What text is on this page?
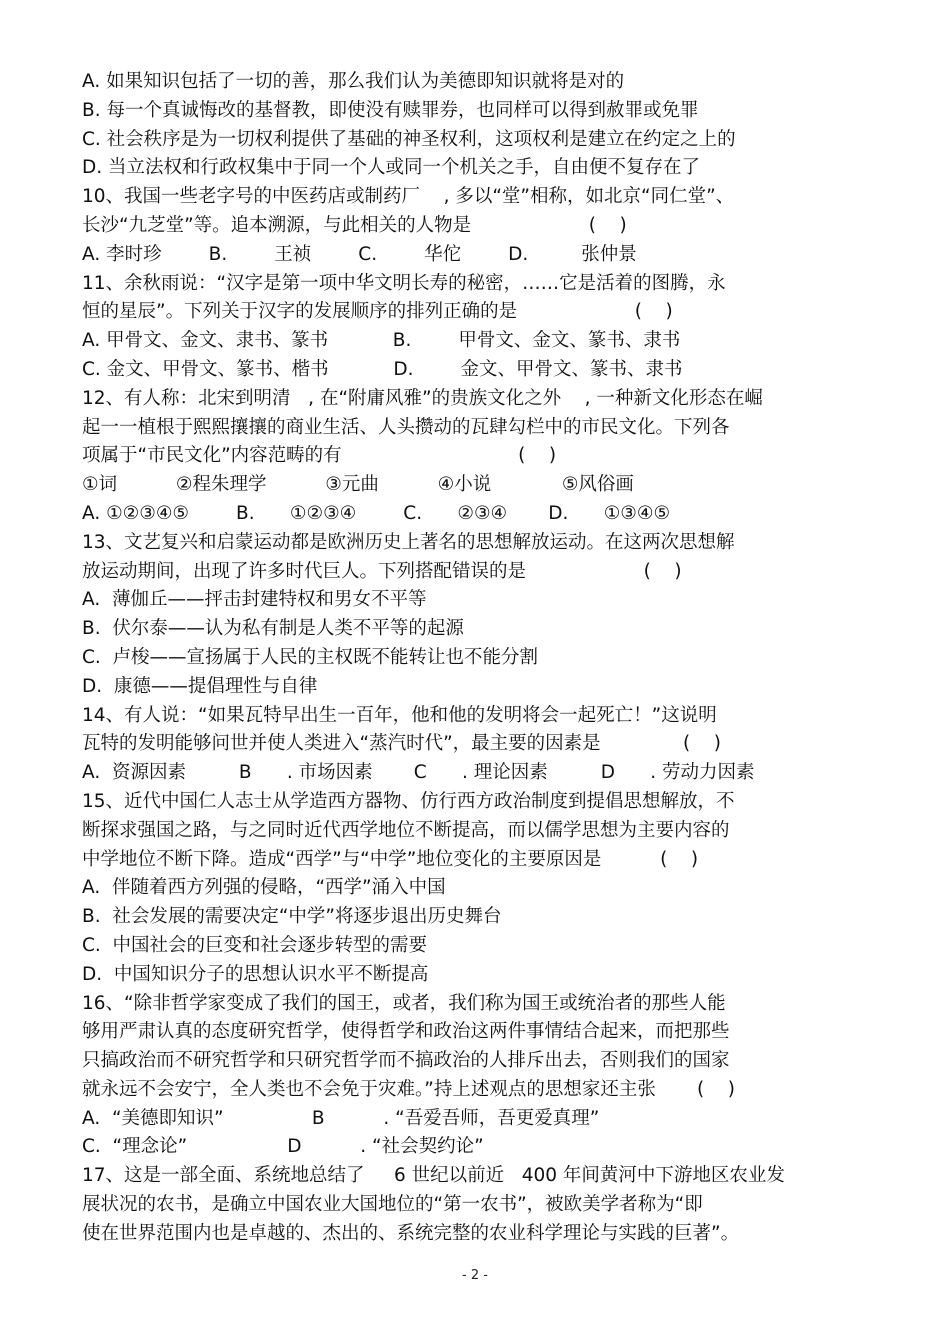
A. 如果知识包括了一切的善，那么我们认为美德即知识就将是对的
B. 每一个真诚悔改的基督教，即使没有赎罪券，也同样可以得到赦罪或免罪
C. 社会秩序是为一切权利提供了基础的神圣权利，这项权利是建立在约定之上的
D. 当立法权和行政权集中于同一个人或同一个机关之手，自由便不复存在了
10、我国一些老字号的中医药店或制药厂    , 多以“堂”相称，如北京“同仁堂”、
长沙“九芝堂”等。追本溯源，与此相关的人物是                    (    )
A. 李时珍        B.        王祯        C.        华佗        D.         张仲景
11、余秋雨说：“汉字是第一项中华文明长寿的秘密，……它是活着的图腾，永
恒的星辰”。下列关于汉字的发展顺序的排列正确的是                    (    )
A. 甲骨文、金文、隶书、篆书           B.        甲骨文、金文、篆书、隶书
C. 金文、甲骨文、篆书、楷书           D.        金文、甲骨文、篆书、隶书
12、有人称：北宋到明清   , 在“附庸风雅”的贵族文化之外    , 一种新文化形态在崛
起一一植根于熙熙攘攘的商业生活、人头攒动的瓦肆勾栏中的市民文化。下列各
项属于“市民文化”内容范畴的有                              (    )
①词          ②程朱理学          ③元曲          ④小说            ⑤风俗画
A. ①②③④⑤        B.      ①②③④        C.      ②③④       D.      ①③④⑤
13、文艺复兴和启蒙运动都是欧洲历史上著名的思想解放运动。在这两次思想解
放运动期间，出现了许多时代巨人。下列搭配错误的是                    (    )
A.  薄伽丘——抨击封建特权和男女不平等
B.  伏尔泰——认为私有制是人类不平等的起源
C.  卢梭——宣扬属于人民的主权既不能转让也不能分割
D.  康德——提倡理性与自律
14、有人说：“如果瓦特早出生一百年，他和他的发明将会一起死亡！”这说明
瓦特的发明能够问世并使人类进入“蒸汽时代”，最主要的因素是              (    )
A.  资源因素         B      . 市场因素       C      . 理论因素         D      . 劳动力因素
15、近代中国仁人志士从学造西方器物、仿行西方政治制度到提倡思想解放，不
断探求强国之路，与之同时近代西学地位不断提高，而以儒学思想为主要内容的
中学地位不断下降。造成“西学”与“中学”地位变化的主要原因是          (    )
A.  伴随着西方列强的侵略，“西学”涌入中国
B.  社会发展的需要决定“中学”将逐步退出历史舞台
C.  中国社会的巨变和社会逐步转型的需要
D.  中国知识分子的思想认识水平不断提高
16、“除非哲学家变成了我们的国王，或者，我们称为国王或统治者的那些人能
够用严肃认真的态度研究哲学，使得哲学和政治这两件事情结合起来，而把那些
只搞政治而不研究哲学和只研究哲学而不搞政治的人排斥出去，否则我们的国家
就永远不会安宁，全人类也不会免于灾难。”持上述观点的思想家还主张       (    )
A.  “美德即知识”               B          . “吾爱吾师，吾更爱真理”
C.  “理念论”                 D          . “社会契约论”
17、这是一部全面、系统地总结了     6 世纪以前近   400 年间黄河中下游地区农业发
展状况的农书，是确立中国农业大国地位的“第一农书”，被欧美学者称为“即
使在世界范围内也是卓越的、杰出的、系统完整的农业科学理论与实践的巨著”。
- 2 -
